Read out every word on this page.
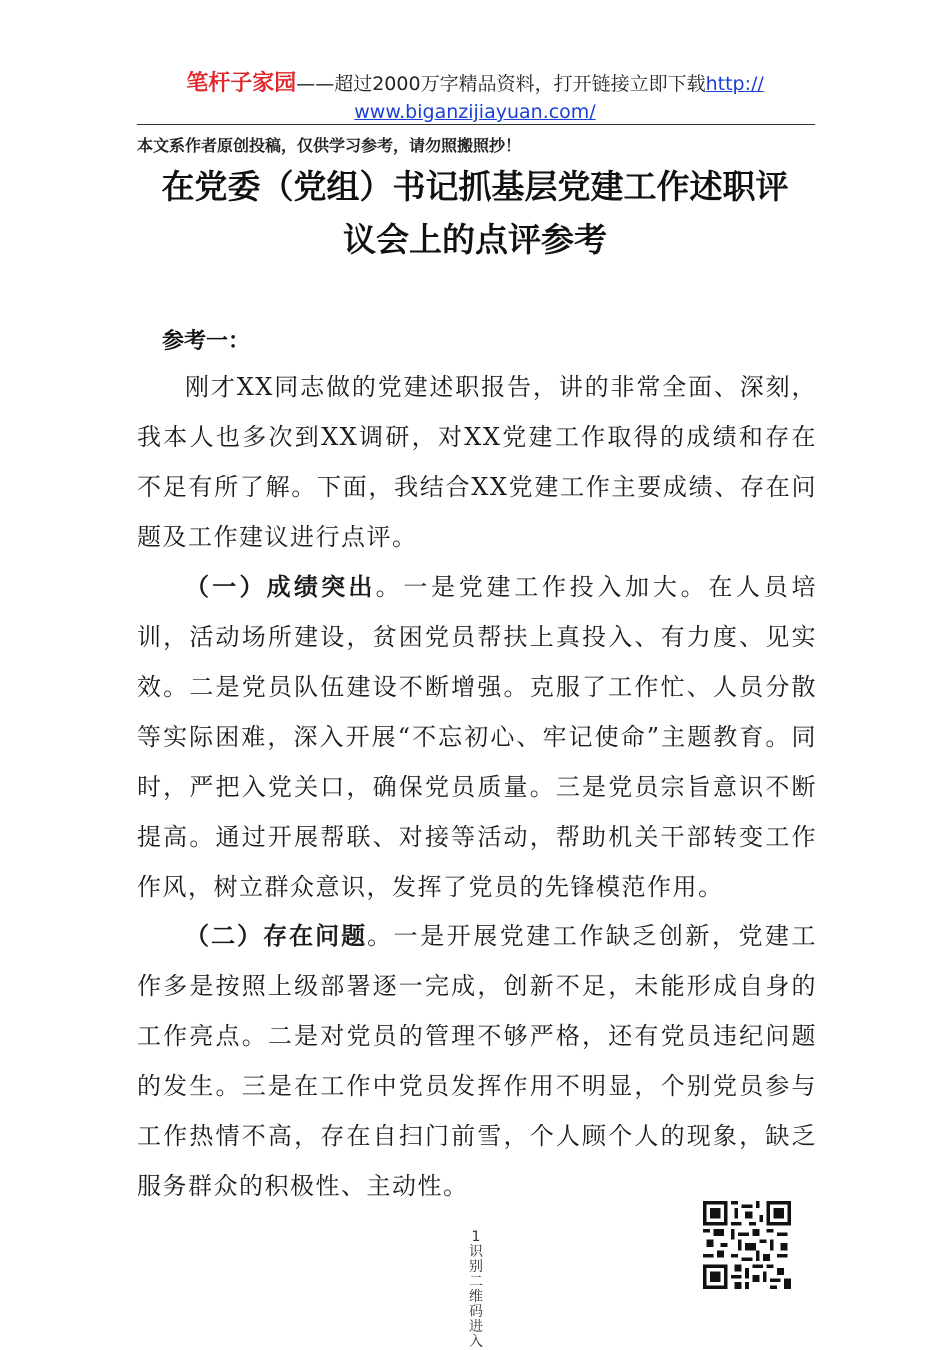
笔杆子家园——超过2000万字精品资料，打开链接立即下载http://
www.biganzijiayuan.com/
本文系作者原创投稿，仅供学习参考，请勿照搬照抄！
在党委（党组）书记抓基层党建工作述职评
议会上的点评参考
参考一：

刚才XX同志做的党建述职报告，讲的非常全面、深刻，我本人也多次到XX调研，对XX党建工作取得的成绩和存在不足有所了解。下面，我结合XX党建工作主要成绩、存在问题及工作建议进行点评。

（一）成绩突出。一是党建工作投入加大。在人员培训，活动场所建设，贫困党员帮扶上真投入、有力度、见实效。二是党员队伍建设不断增强。克服了工作忙、人员分散等实际困难，深入开展“不忘初心、牢记使命”主题教育。同时，严把入党关口，确保党员质量。三是党员宗旨意识不断提高。通过开展帮联、对接等活动，帮助机关干部转变工作作风，树立群众意识，发挥了党员的先锋模范作用。

（二）存在问题。一是开展党建工作缺乏创新，党建工作多是按照上级部署逐一完成，创新不足，未能形成自身的工作亮点。二是对党员的管理不够严格，还有党员违纪问题的发生。三是在工作中党员发挥作用不明显，个别党员参与工作热情不高，存在自扫门前雪，个人顾个人的现象，缺乏服务群众的积极性、主动性。

1识别二维码进入
